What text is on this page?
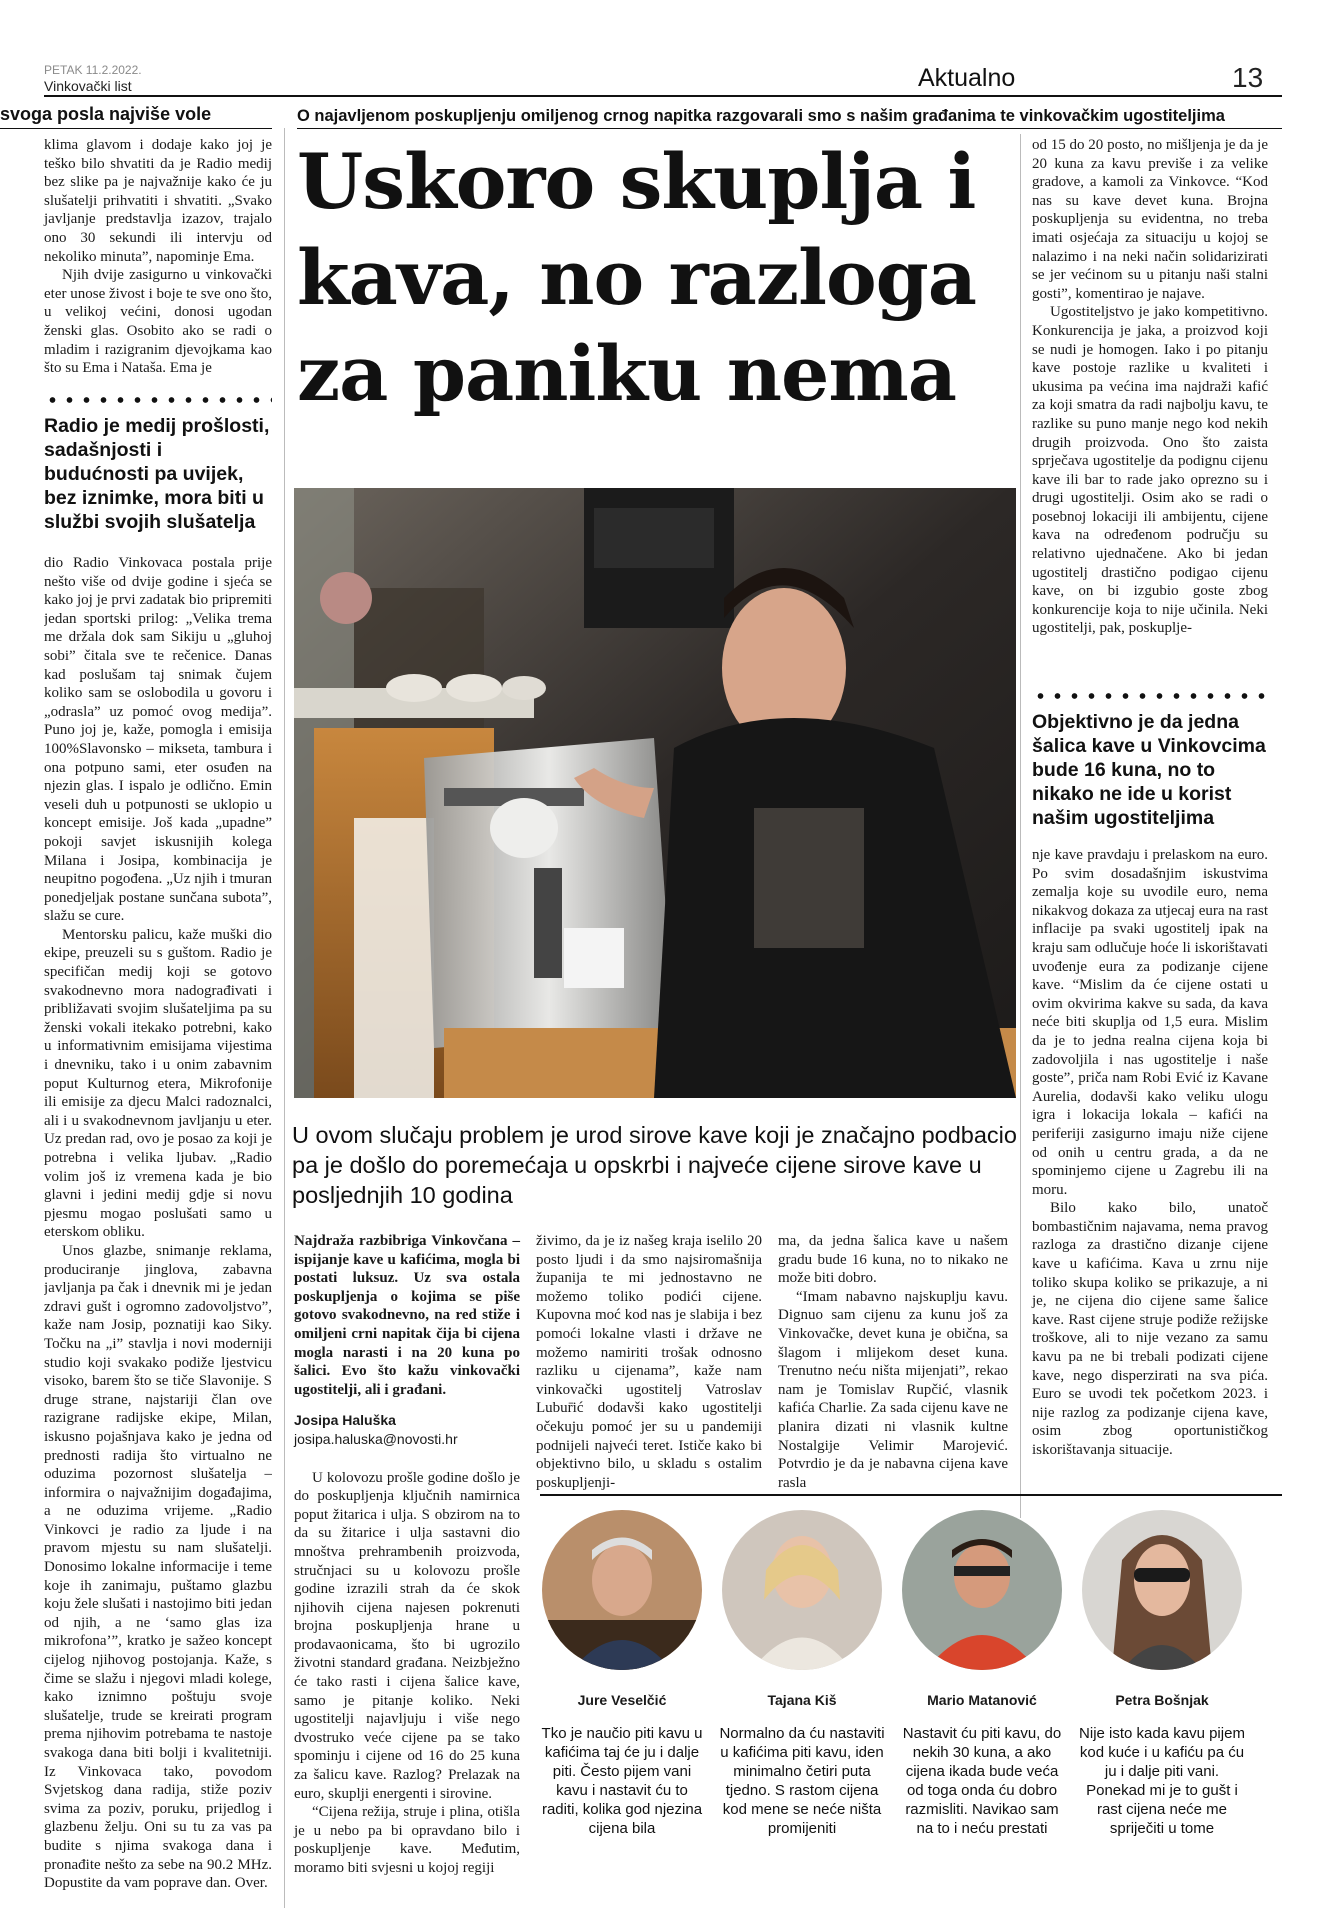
PETAK 11.2.2022.
Vinkovački list	Aktualno	13
svoga posla najviše vole

klima glavom i dodaje kako joj je teško bilo shvatiti da je Radio medij bez slike pa je najvažnije kako će ju slušatelji prihvatiti i shvatiti. „Svako javljanje predstavlja izazov, trajalo ono 30 sekundi ili intervju od nekoliko minuta”, napominje Ema.

Njih dvije zasigurno u vinkovački eter unose živost i boje te sve ono što, u velikoj većini, donosi ugodan ženski glas. Osobito ako se radi o mladim i razigranim djevojkama kao što su Ema i Nataša. Ema je

Radio je medij prošlosti, sadašnjosti i budućnosti pa uvijek, bez iznimke, mora biti u službi svojih slušatelja

dio Radio Vinkovaca postala prije nešto više od dvije godine i sjeća se kako joj je prvi zadatak bio pripremiti jedan sportski prilog: „Velika trema me držala dok sam Sikiju u „gluhoj sobi” čitala sve te rečenice. Danas kad poslušam taj snimak čujem koliko sam se oslobodila u govoru i „odrasla” uz pomoć ovog medija”. Puno joj je, kaže, pomogla i emisija 100%Slavonsko – mikseta, tambura i ona potpuno sami, eter osuđen na njezin glas. I ispalo je odlično. Emin veseli duh u potpunosti se uklopio u koncept emisije. Još kada „upadne” pokoji savjet iskusnijih kolega Milana i Josipa, kombinacija je neupitno pogođena. „Uz njih i tmuran ponedjeljak postane sunčana subota”, slažu se cure.

Mentorsku palicu, kaže muški dio ekipe, preuzeli su s guštom. Radio je specifičan medij koji se gotovo svakodnevno mora nadograđivati i približavati svojim slušateljima pa su ženski vokali itekako potrebni, kako u informativnim emisijama vijestima i dnevniku, tako i u onim zabavnim poput Kulturnog etera, Mikrofonije ili emisije za djecu Malci radoznalci, ali i u svakodnevnom javljanju u eter. Uz predan rad, ovo je posao za koji je potrebna i velika ljubav. „Radio volim još iz vremena kada je bio glavni i jedini medij gdje si novu pjesmu mogao poslušati samo u eterskom obliku.

Unos glazbe, snimanje reklama, produciranje jinglova, zabavna javljanja pa čak i dnevnik mi je jedan zdravi gušt i ogromno zadovoljstvo”, kaže nam Josip, poznatiji kao Siky. Točku na „i” stavlja i novi moderniji studio koji svakako podiže ljestvicu visoko, barem što se tiče Slavonije. S druge strane, najstariji član ove razigrane radijske ekipe, Milan, iskusno pojašnjava kako je jedna od prednosti radija što virtualno ne oduzima pozornost slušatelja – informira o najvažnijim događajima, a ne oduzima vrijeme. „Radio Vinkovci je radio za ljude i na pravom mjestu su nam slušatelji. Donosimo lokalne informacije i teme koje ih zanimaju, puštamo glazbu koju žele slušati i nastojimo biti jedan od njih, a ne ‘samo glas iza mikrofona’”, kratko je sažeo koncept cijelog njihovog postojanja. Kaže, s čime se slažu i njegovi mladi kolege, kako iznimno poštuju svoje slušatelje, trude se kreirati program prema njihovim potrebama te nastoje svakoga dana biti bolji i kvalitetniji. Iz Vinkovaca tako, povodom Svjetskog dana radija, stiže poziv svima za poziv, poruku, prijedlog i glazbenu želju. Oni su tu za vas pa budite s njima svakoga dana i pronađite nešto za sebe na 90.2 MHz. Dopustite da vam poprave dan. Over.

O najavljenom poskupljenju omiljenog crnog napitka razgovarali smo s našim građanima te vinkovačkim ugostiteljima
Uskoro skuplja i kava, no razloga za paniku nema
U ovom slučaju problem je urod sirove kave koji je značajno podbacio pa je došlo do poremećaja u opskrbi i najveće cijene sirove kave u posljednjih 10 godina

Najdraža razbibriga Vinkovčana – ispijanje kave u kafićima, mogla bi postati luksuz. Uz sva ostala poskupljenja o kojima se piše gotovo svakodnevno, na red stiže i omiljeni crni napitak čija bi cijena mogla narasti i na 20 kuna po šalici. Evo što kažu vinkovački ugostitelji, ali i građani.

Josipa Haluška
josipa.haluska@novosti.hr

U kolovozu prošle godine došlo je do poskupljenja ključnih namirnica poput žitarica i ulja. S obzirom na to da su žitarice i ulja sastavni dio mnoštva prehrambenih proizvoda, stručnjaci su u kolovozu prošle godine izrazili strah da će skok njihovih cijena najesen pokrenuti brojna poskupljenja hrane u prodavaonicama, što bi ugrozilo životni standard građana. Neizbježno će tako rasti i cijena šalice kave, samo je pitanje koliko. Neki ugostitelji najavljuju i više nego dvostruko veće cijene pa se tako spominju i cijene od 16 do 25 kuna za šalicu kave. Razlog? Prelazak na euro, skuplji energenti i sirovine.

“Cijena režija, struje i plina, otišla je u nebo pa bi opravdano bilo i poskupljenje kave. Međutim, moramo biti svjesni u kojoj regiji

živimo, da je iz našeg kraja iselilo 20 posto ljudi i da smo najsiromašnija županija te mi jednostavno ne možemo toliko podići cijene. Kupovna moć kod nas je slabija i bez pomoći lokalne vlasti i države ne možemo namiriti trošak odnosno razliku u cijenama”, kaže nam vinkovački ugostitelj Vatroslav Lubur̄ić dodavši kako ugostitelji očekuju pomoć jer su u pandemiji podnijeli najveći teret. Ističe kako bi objektivno bilo, u skladu s ostalim poskupljenji-

ma, da jedna šalica kave u našem gradu bude 16 kuna, no to nikako ne može biti dobro.

“Imam nabavno najskuplju kavu. Dignuo sam cijenu za kunu još za Vinkovačke, devet kuna je obična, sa šlagom i mlijekom deset kuna. Trenutno neću ništa mijenjati”, rekao nam je Tomislav Rupčić, vlasnik kafića Charlie. Za sada cijenu kave ne planira dizati ni vlasnik kultne Nostalgije Velimir Marojević. Potvrdio je da je nabavna cijena kave rasla

od 15 do 20 posto, no mišljenja je da je 20 kuna za kavu previše i za velike gradove, a kamoli za Vinkovce. “Kod nas su kave devet kuna. Brojna poskupljenja su evidentna, no treba imati osjećaja za situaciju u kojoj se nalazimo i na neki način solidarizirati se jer većinom su u pitanju naši stalni gosti”, komentirao je najave.

Ugostiteljstvo je jako kompetitivno. Konkurencija je jaka, a proizvod koji se nudi je homogen. Iako i po pitanju kave postoje razlike u kvaliteti i ukusima pa većina ima najdraži kafić za koji smatra da radi najbolju kavu, te razlike su puno manje nego kod nekih drugih proizvoda. Ono što zaista sprječava ugostitelje da podignu cijenu kave ili bar to rade jako oprezno su i drugi ugostitelji. Osim ako se radi o posebnoj lokaciji ili ambijentu, cijene kava na određenom području su relativno ujednačene. Ako bi jedan ugostitelj drastično podigao cijenu kave, on bi izgubio goste zbog konkurencije koja to nije učinila. Neki ugostitelji, pak, poskuplje-

Objektivno je da jedna šalica kave u Vinkovcima bude 16 kuna, no to nikako ne ide u korist našim ugostiteljima

nje kave pravdaju i prelaskom na euro. Po svim dosadašnjim iskustvima zemalja koje su uvodile euro, nema nikakvog dokaza za utjecaj eura na rast inflacije pa svaki ugostitelj ipak na kraju sam odlučuje hoće li iskorištavati uvođenje eura za podizanje cijene kave. “Mislim da će cijene ostati u ovim okvirima kakve su sada, da kava neće biti skuplja od 1,5 eura. Mislim da je to jedna realna cijena koja bi zadovoljila i nas ugostitelje i naše goste”, priča nam Robi Ević iz Kavane Aurelia, dodavši kako veliku ulogu igra i lokacija lokala – kafići na periferiji zasigurno imaju niže cijene od onih u centru grada, a da ne spominjemo cijene u Zagrebu ili na moru.

Bilo kako bilo, unatoč bombastičnim najavama, nema pravog razloga za drastično dizanje cijene kave u kafićima. Kava u zrnu nije toliko skupa koliko se prikazuje, a ni je, ne cijena dio cijene same šalice kave. Rast cijene struje podiže režijske troškove, ali to nije vezano za samu kavu pa ne bi trebali podizati cijene kave, nego disperzirati na sva pića. Euro se uvodi tek početkom 2023. i nije razlog za podizanje cijena kave, osim zbog oportunističkog iskorištavanja situacije.

Jure Veselčić
Tko je naučio piti kavu u kafićima taj će ju i dalje piti. Često pijem vani kavu i nastavit ću to raditi, kolika god njezina cijena bila
Tajana Kiš
Normalno da ću nastaviti u kafićima piti kavu, iden minimalno četiri puta tjedno. S rastom cijena kod mene se neće ništa promijeniti
Mario Matanović
Nastavit ću piti kavu, do nekih 30 kuna, a ako cijena ikada bude veća od toga onda ću dobro razmisliti. Navikao sam na to i neću prestati
Petra Bošnjak
Nije isto kada kavu pijem kod kuće i u kafiću pa ću ju i dalje piti vani. Ponekad mi je to gušt i rast cijena neće me spriječiti u tome
